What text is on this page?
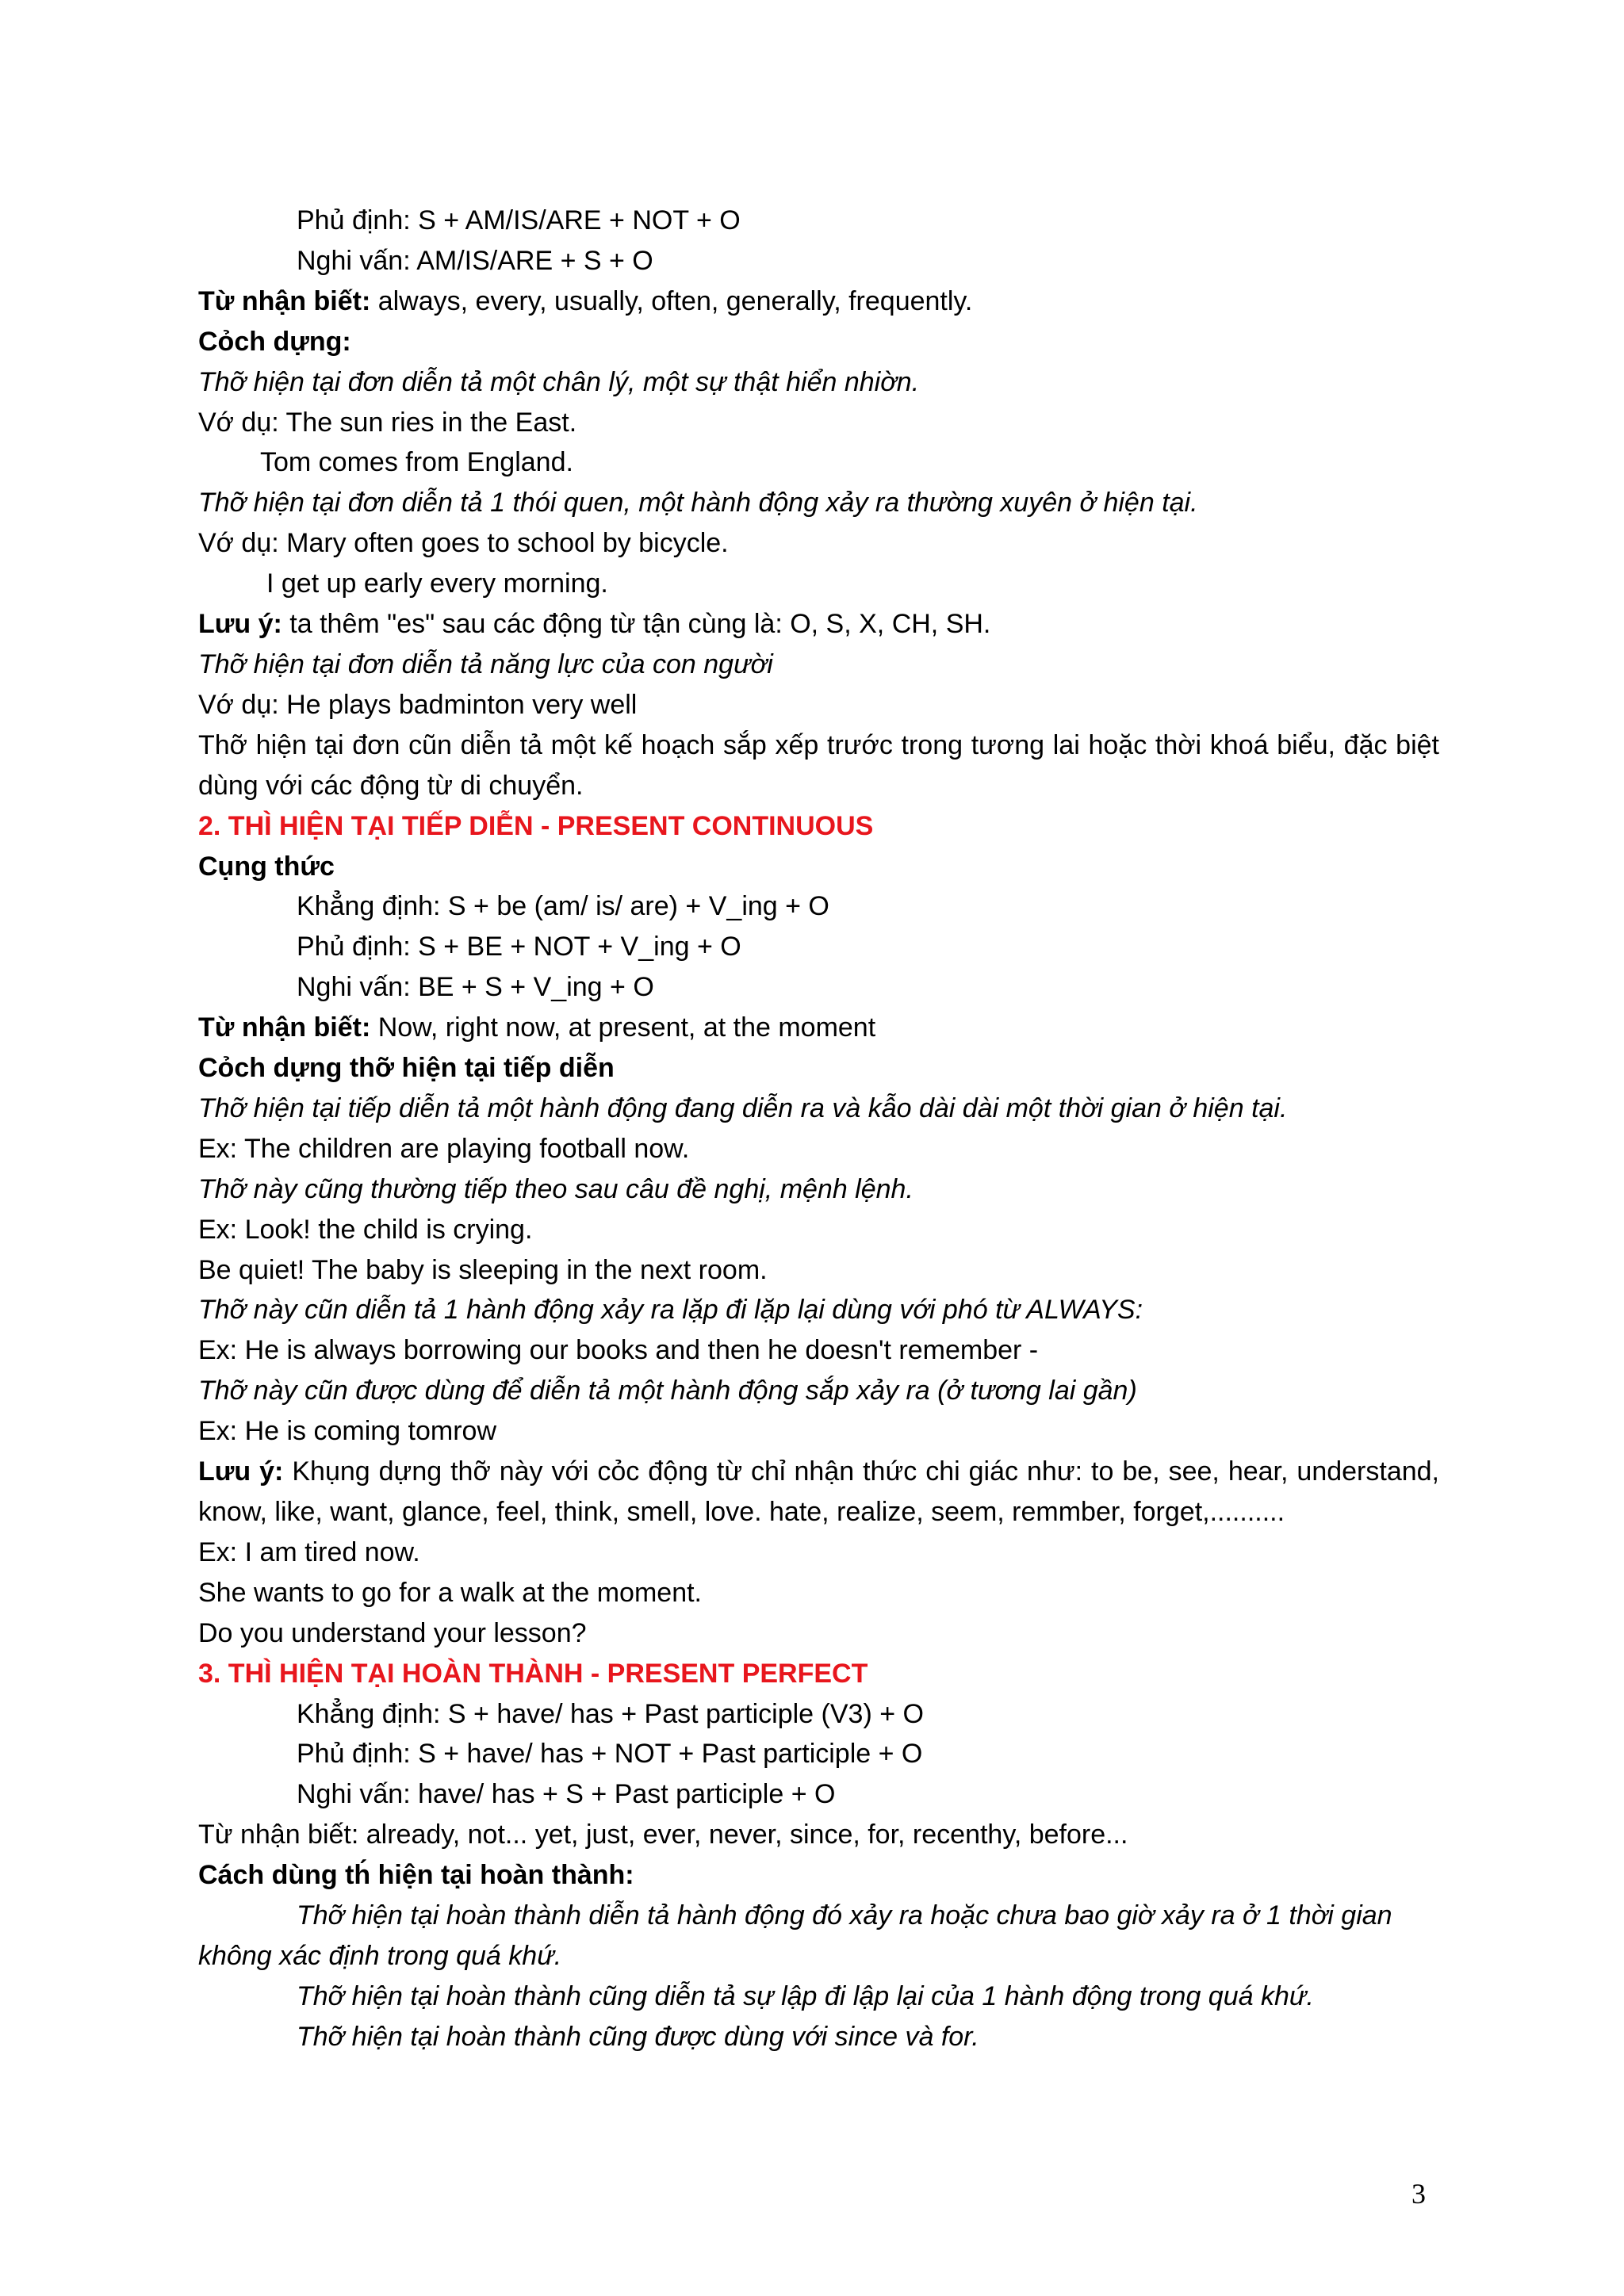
Phủ định: S + AM/IS/ARE + NOT + O
Nghi vấn: AM/IS/ARE + S + O
Từ nhận biết: always, every, usually, often, generally, frequently.
Cỏch dựng:
Thỡ hiện tại đơn diễn tả một chân lý, một sự thật hiển nhiờn.
Vớ dụ: The sun ries in the East.
Tom comes from England.
Thỡ hiện tại đơn diễn tả 1 thói quen, một hành động xảy ra thường xuyên ở hiện tại.
Vớ dụ: Mary often goes to school by bicycle.
I get up early every morning.
Lưu ý: ta thêm "es" sau các động từ tận cùng là: O, S, X, CH, SH.
Thỡ hiện tại đơn diễn tả năng lực của con người
Vớ dụ: He plays badminton very well
Thỡ hiện tại đơn cũn diễn tả một kế hoạch sắp xếp trước trong tương lai hoặc thời khoá biểu, đặc biệt dùng với các động từ di chuyển.
2. THÌ HIỆN TẠI TIẾP DIỄN - PRESENT CONTINUOUS
Cụng thức
Khẳng định: S + be (am/ is/ are) + V_ing + O
Phủ định: S + BE + NOT + V_ing + O
Nghi vấn: BE + S + V_ing + O
Từ nhận biết: Now, right now, at present, at the moment
Cỏch dựng thỡ hiện tại tiếp diễn
Thỡ hiện tại tiếp diễn tả một hành động đang diễn ra và kẫo dài dài một thời gian ở hiện tại.
Ex: The children are playing football now.
Thỡ này cũng thường tiếp theo sau câu đề nghị, mệnh lệnh.
Ex: Look! the child is crying.
Be quiet! The baby is sleeping in the next room.
Thỡ này cũn diễn tả 1 hành động xảy ra lặp đi lặp lại dùng với phó từ ALWAYS:
Ex: He is always borrowing our books and then he doesn't remember -
Thỡ này cũn được dùng để diễn tả một hành động sắp xảy ra (ở tương lai gần)
Ex: He is coming tomrow
Lưu ý: Khụng dựng thỡ này với cỏc động từ chỉ nhận thức chi giác như: to be, see, hear, understand, know, like, want, glance, feel, think, smell, love. hate, realize, seem, remmber, forget,..........
Ex: I am tired now.
She wants to go for a walk at the moment.
Do you understand your lesson?
3. THÌ HIỆN TẠI HOÀN THÀNH - PRESENT PERFECT
Khẳng định: S + have/ has + Past participle (V3) + O
Phủ định: S + have/ has + NOT + Past participle + O
Nghi vấn: have/ has + S + Past participle + O
Từ nhận biết: already, not... yet, just, ever, never, since, for, recenthy, before...
Cách dùng th́ hiện tại hoàn thành:
Thỡ hiện tại hoàn thành diễn tả hành động đó xảy ra hoặc chưa bao giờ xảy ra ở 1 thời gian
không xác định trong quá khứ.
Thỡ hiện tại hoàn thành cũng diễn tả sự lập đi lập lại của 1 hành động trong quá khứ.
Thỡ hiện tại hoàn thành cũng được dùng với since và for.
3
